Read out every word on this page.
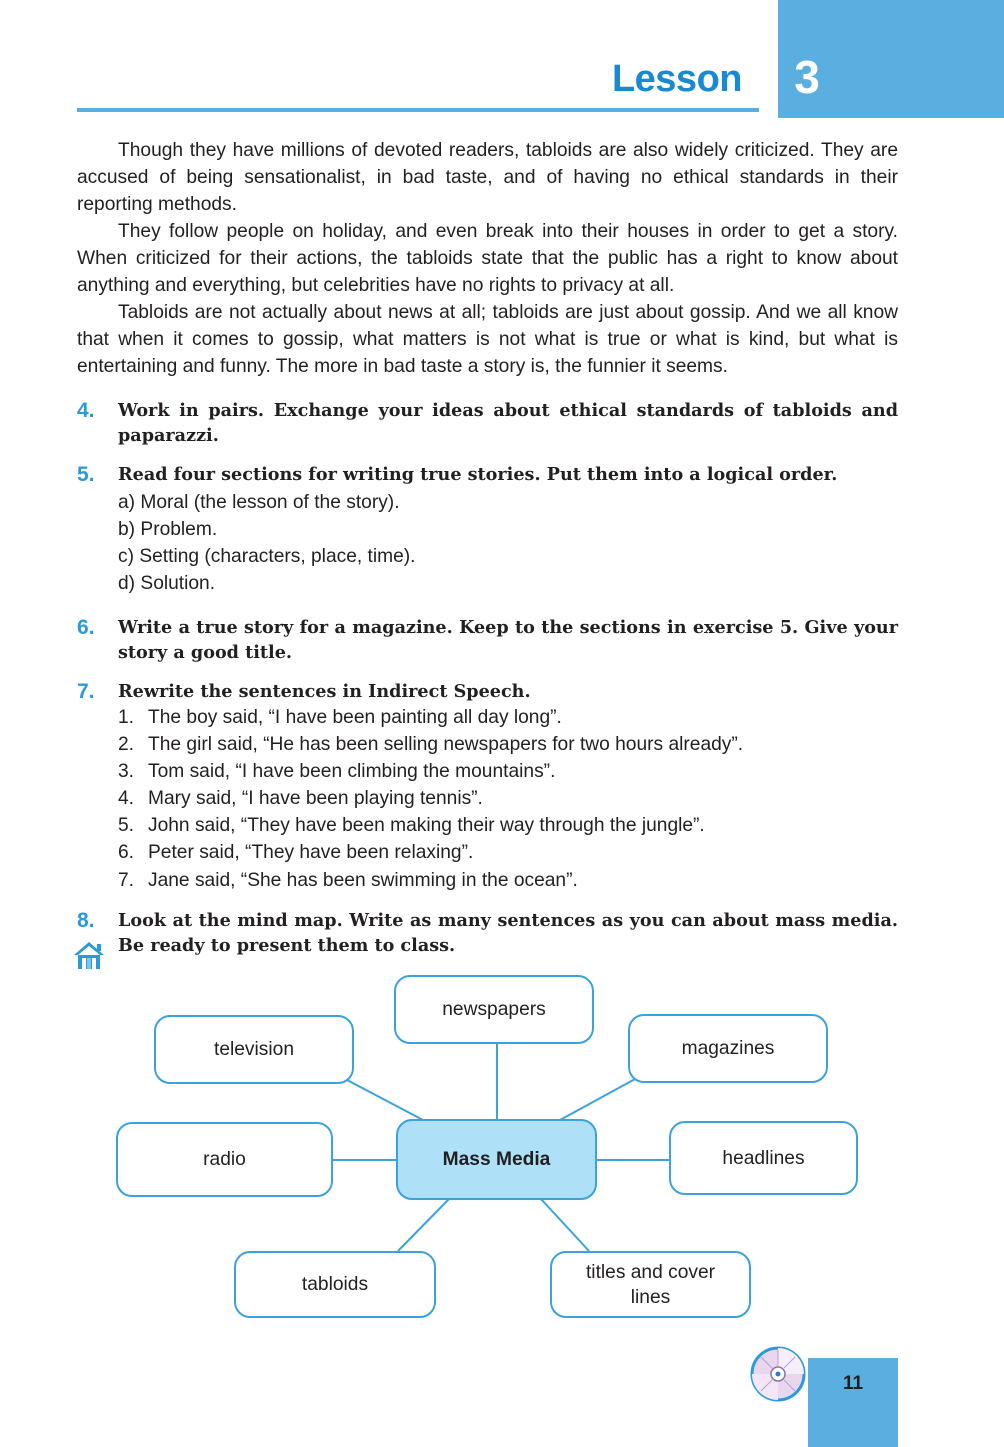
3
Lesson

Though they have millions of devoted readers, tabloids are also widely criticized. They are accused of being sensationalist, in bad taste, and of having no ethical standards in their reporting methods.

They follow people on holiday, and even break into their houses in order to get a story. When criticized for their actions, the tabloids state that the public has a right to know about anything and everything, but celebrities have no rights to privacy at all.

Tabloids are not actually about news at all; tabloids are just about gossip. And we all know that when it comes to gossip, what matters is not what is true or what is kind, but what is entertaining and funny. The more in bad taste a story is, the funnier it seems.

4. Work in pairs. Exchange your ideas about ethical standards of tabloids and paparazzi.
5. Read four sections for writing true stories. Put them into a logical order.
a) Moral (the lesson of the story).
b) Problem.
c) Setting (characters, place, time).
d) Solution.
6. Write a true story for a magazine. Keep to the sections in exercise 5. Give your story a good title.
7. Rewrite the sentences in Indirect Speech.
1. The boy said, “I have been painting all day long”.
2. The girl said, “He has been selling newspapers for two hours already”.
3. Tom said, “I have been climbing the mountains”.
4. Mary said, “I have been playing tennis”.
5. John said, “They have been making their way through the jungle”.
6. Peter said, “They have been relaxing”.
7. Jane said, “She has been swimming in the ocean”.
8. Look at the mind map. Write as many sentences as you can about mass media. Be ready to present them to class.
newspapers
television	magazines
radio	Mass Media	headlines
tabloids
titles and cover lines
11
